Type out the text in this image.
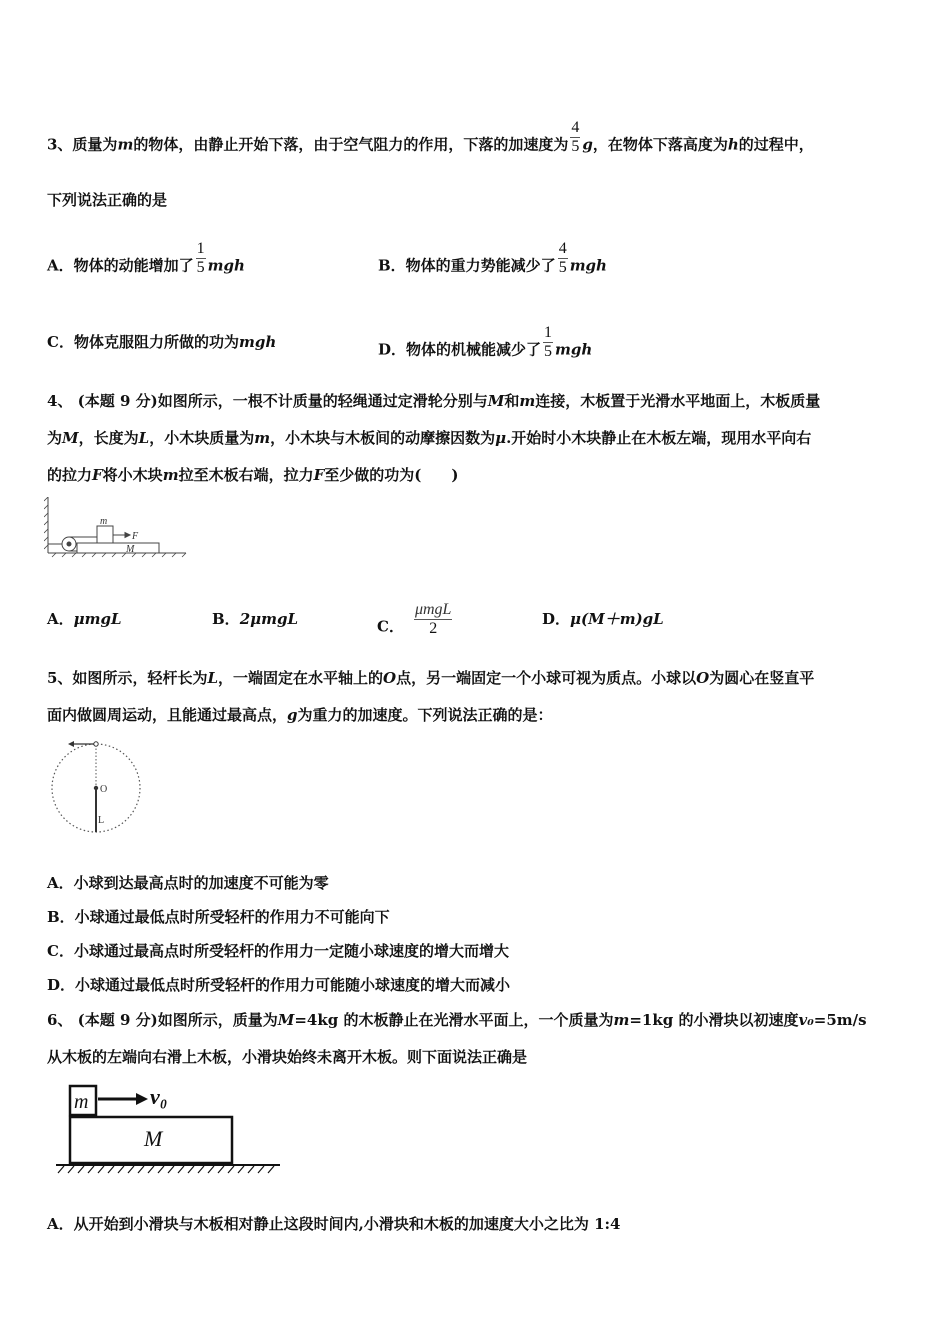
3、质量为m的物体，由静止开始下落，由于空气阻力的作用，下落的加速度为 $\frac{4}{5}$ g，在物体下落高度为h的过程中，
下列说法正确的是
A．物体的动能增加了 $\frac{1}{5}$ mgh	B．物体的重力势能减少了 $\frac{4}{5}$ mgh
C．物体克服阻力所做的功为mgh	D．物体的机械能减少了 $\frac{1}{5}$ mgh
4、 (本题 9 分)如图所示，一根不计质量的轻绳通过定滑轮分别与M和m连接，木板置于光滑水平地面上，木板质量
为M，长度为L，小木块质量为m，小木块与木板间的动摩擦因数为μ.开始时小木块静止在木板左端，现用水平向右
的拉力F将小木块m拉至木板右端，拉力F至少做的功为(　　)
m
F
M
A．μmgL	B．2μmgL	C． $\frac{\text{μmgL}}{2}$	D．μ(M＋m)gL
5、如图所示，轻杆长为L，一端固定在水平轴上的O点，另一端固定一个小球可视为质点。小球以O为圆心在竖直平
面内做圆周运动，且能通过最高点，g为重力的加速度。下列说法正确的是：
O
L
A．小球到达最高点时的加速度不可能为零
B．小球通过最低点时所受轻杆的作用力不可能向下
C．小球通过最高点时所受轻杆的作用力一定随小球速度的增大而增大
D．小球通过最低点时所受轻杆的作用力可能随小球速度的增大而减小
6、 (本题 9 分)如图所示，质量为M=4kg 的木板静止在光滑水平面上，一个质量为m=1kg 的小滑块以初速度v₀=5m/s
从木板的左端向右滑上木板，小滑块始终未离开木板。则下面说法正确是
m	v₀
M
A．从开始到小滑块与木板相对静止这段时间内,小滑块和木板的加速度大小之比为 1:4
